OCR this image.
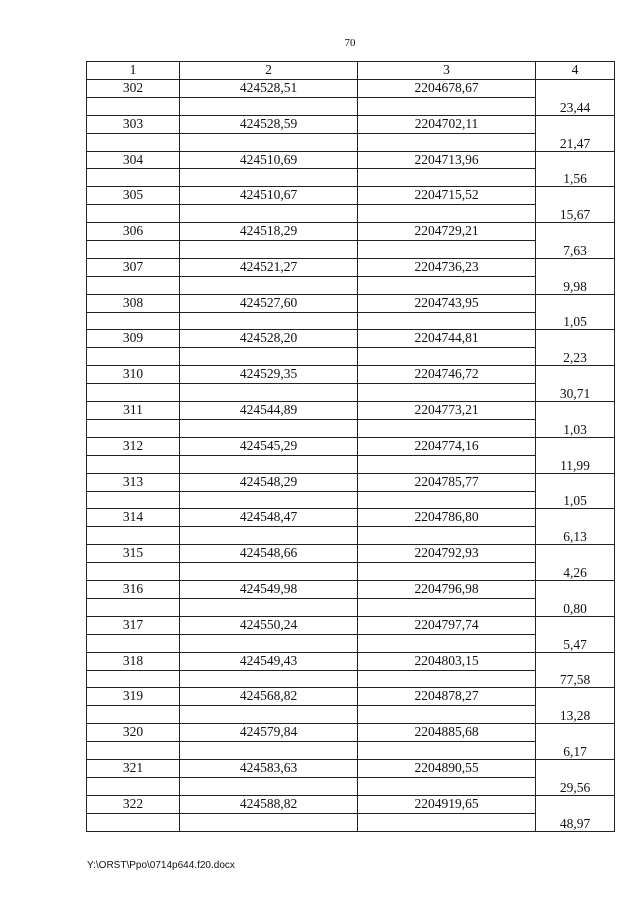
70
1	2	3	4
302	424528,51	2204678,67	
			23,44
303	424528,59	2204702,11	
			21,47
304	424510,69	2204713,96	
			1,56
305	424510,67	2204715,52	
			15,67
306	424518,29	2204729,21	
			7,63
307	424521,27	2204736,23	
			9,98
308	424527,60	2204743,95	
			1,05
309	424528,20	2204744,81	
			2,23
310	424529,35	2204746,72	
			30,71
311	424544,89	2204773,21	
			1,03
312	424545,29	2204774,16	
			11,99
313	424548,29	2204785,77	
			1,05
314	424548,47	2204786,80	
			6,13
315	424548,66	2204792,93	
			4,26
316	424549,98	2204796,98	
			0,80
317	424550,24	2204797,74	
			5,47
318	424549,43	2204803,15	
			77,58
319	424568,82	2204878,27	
			13,28
320	424579,84	2204885,68	
			6,17
321	424583,63	2204890,55	
			29,56
322	424588,82	2204919,65	
			48,97
Y:\ORST\Ppo\0714p644.f20.docx
